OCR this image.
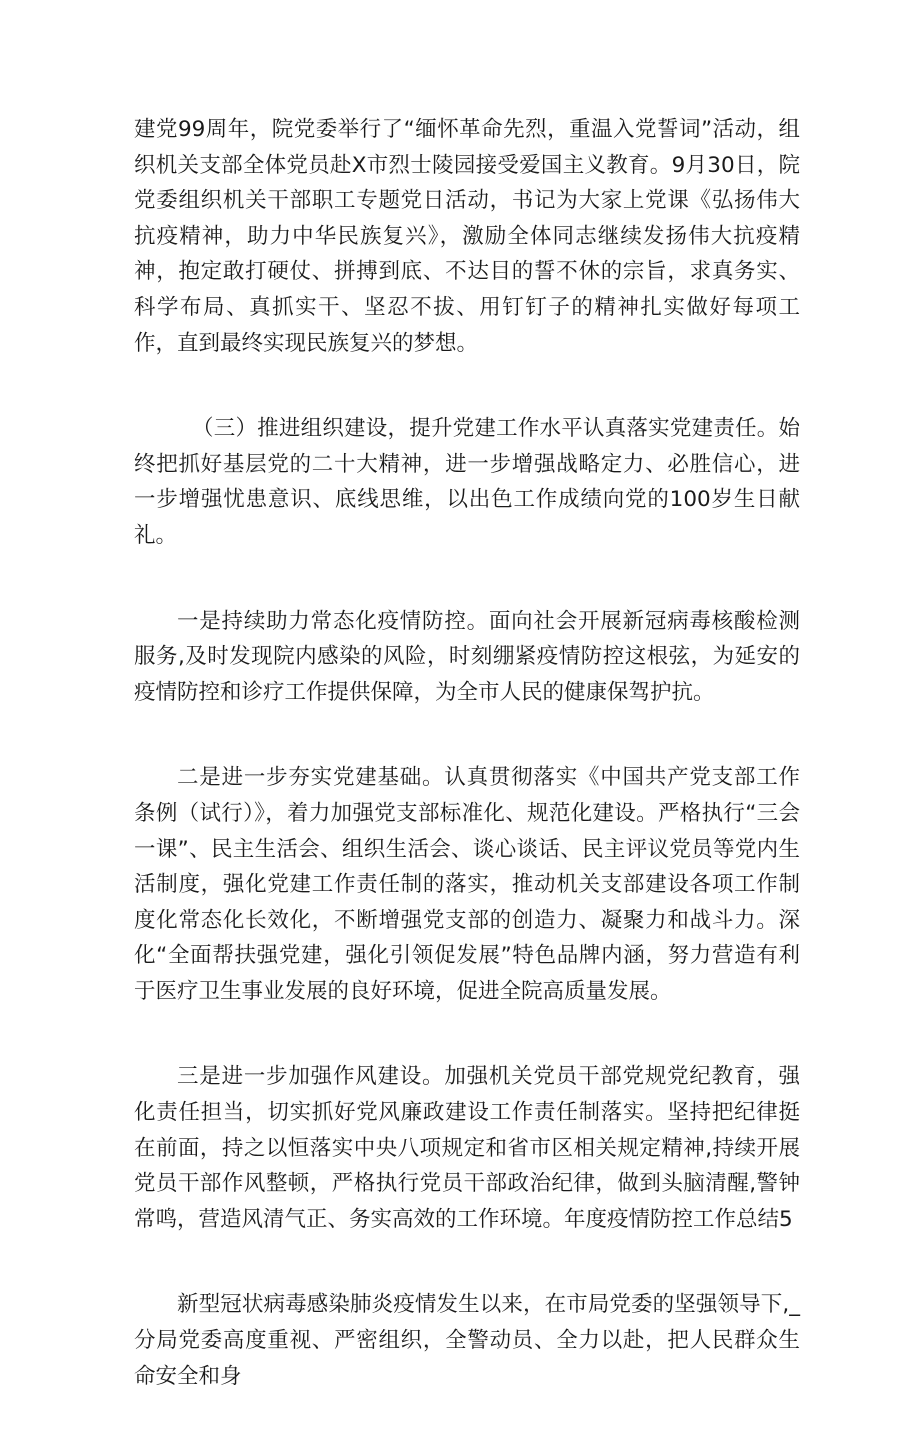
建党99周年，院党委举行了“缅怀革命先烈，重温入党誓词”活动，组织机关支部全体党员赴X市烈士陵园接受爱国主义教育。9月30日，院党委组织机关干部职工专题党日活动，书记为大家上党课《弘扬伟大抗疫精神，助力中华民族复兴》，激励全体同志继续发扬伟大抗疫精神，抱定敢打硬仗、拼搏到底、不达目的誓不休的宗旨，求真务实、科学布局、真抓实干、坚忍不拔、用钉钉子的精神扎实做好每项工作，直到最终实现民族复兴的梦想。

（三）推进组织建设，提升党建工作水平认真落实党建责任。始终把抓好基层党的二十大精神，进一步增强战略定力、必胜信心，进一步增强忧患意识、底线思维，以出色工作成绩向党的100岁生日献礼。

一是持续助力常态化疫情防控。面向社会开展新冠病毒核酸检测服务,及时发现院内感染的风险，时刻绷紧疫情防控这根弦，为延安的疫情防控和诊疗工作提供保障，为全市人民的健康保驾护抗。

二是进一步夯实党建基础。认真贯彻落实《中国共产党支部工作条例（试行）》，着力加强党支部标准化、规范化建设。严格执行“三会一课”、民主生活会、组织生活会、谈心谈话、民主评议党员等党内生活制度，强化党建工作责任制的落实，推动机关支部建设各项工作制度化常态化长效化，不断增强党支部的创造力、凝聚力和战斗力。深化“全面帮扶强党建，强化引领促发展”特色品牌内涵，努力营造有利于医疗卫生事业发展的良好环境，促进全院高质量发展。

三是进一步加强作风建设。加强机关党员干部党规党纪教育，强化责任担当，切实抓好党风廉政建设工作责任制落实。坚持把纪律挺在前面，持之以恒落实中央八项规定和省市区相关规定精神,持续开展党员干部作风整顿，严格执行党员干部政治纪律，做到头脑清醒,警钟常鸣，营造风清气正、务实高效的工作环境。年度疫情防控工作总结5

新型冠状病毒感染肺炎疫情发生以来，在市局党委的坚强领导下,_分局党委高度重视、严密组织，全警动员、全力以赴，把人民群众生命安全和身
